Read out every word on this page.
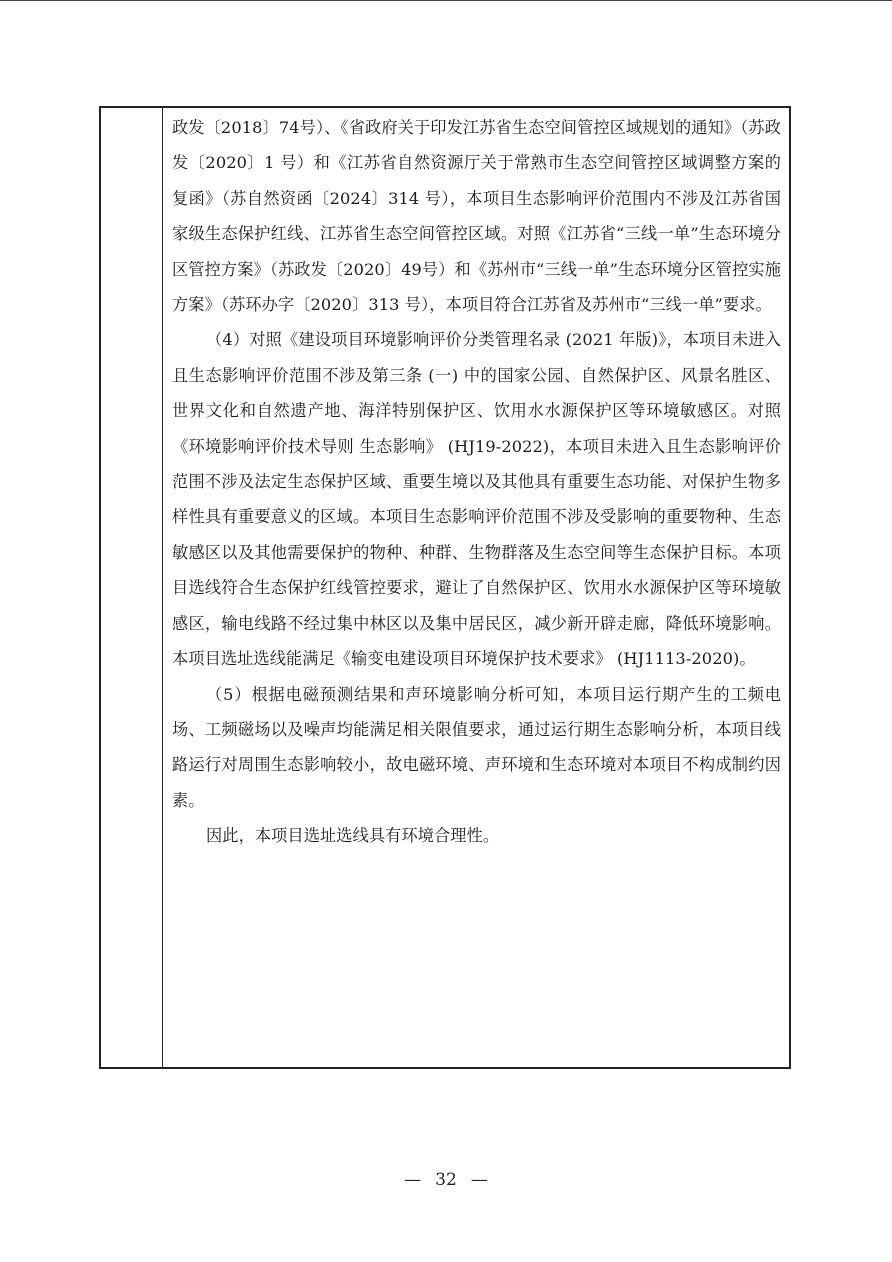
政发〔2018〕74号）、《省政府关于印发江苏省生态空间管控区域规划的通知》（苏政发〔2020〕1 号）和《江苏省自然资源厅关于常熟市生态空间管控区域调整方案的复函》（苏自然资函〔2024〕314 号），本项目生态影响评价范围内不涉及江苏省国家级生态保护红线、江苏省生态空间管控区域。对照《江苏省“三线一单”生态环境分区管控方案》（苏政发〔2020〕49号）和《苏州市“三线一单”生态环境分区管控实施方案》（苏环办字〔2020〕313 号），本项目符合江苏省及苏州市“三线一单”要求。

（4）对照《建设项目环境影响评价分类管理名录 (2021 年版)》，本项目未进入且生态影响评价范围不涉及第三条 (一) 中的国家公园、自然保护区、风景名胜区、世界文化和自然遗产地、海洋特别保护区、饮用水水源保护区等环境敏感区。对照《环境影响评价技术导则 生态影响》 (HJ19-2022)，本项目未进入且生态影响评价范围不涉及法定生态保护区域、重要生境以及其他具有重要生态功能、对保护生物多样性具有重要意义的区域。本项目生态影响评价范围不涉及受影响的重要物种、生态敏感区以及其他需要保护的物种、种群、生物群落及生态空间等生态保护目标。本项目选线符合生态保护红线管控要求，避让了自然保护区、饮用水水源保护区等环境敏感区，输电线路不经过集中林区以及集中居民区，减少新开辟走廊，降低环境影响。本项目选址选线能满足《输变电建设项目环境保护技术要求》 (HJ1113-2020)。

（5）根据电磁预测结果和声环境影响分析可知，本项目运行期产生的工频电场、工频磁场以及噪声均能满足相关限值要求，通过运行期生态影响分析，本项目线路运行对周围生态影响较小，故电磁环境、声环境和生态环境对本项目不构成制约因素。

因此，本项目选址选线具有环境合理性。

— 32 —
